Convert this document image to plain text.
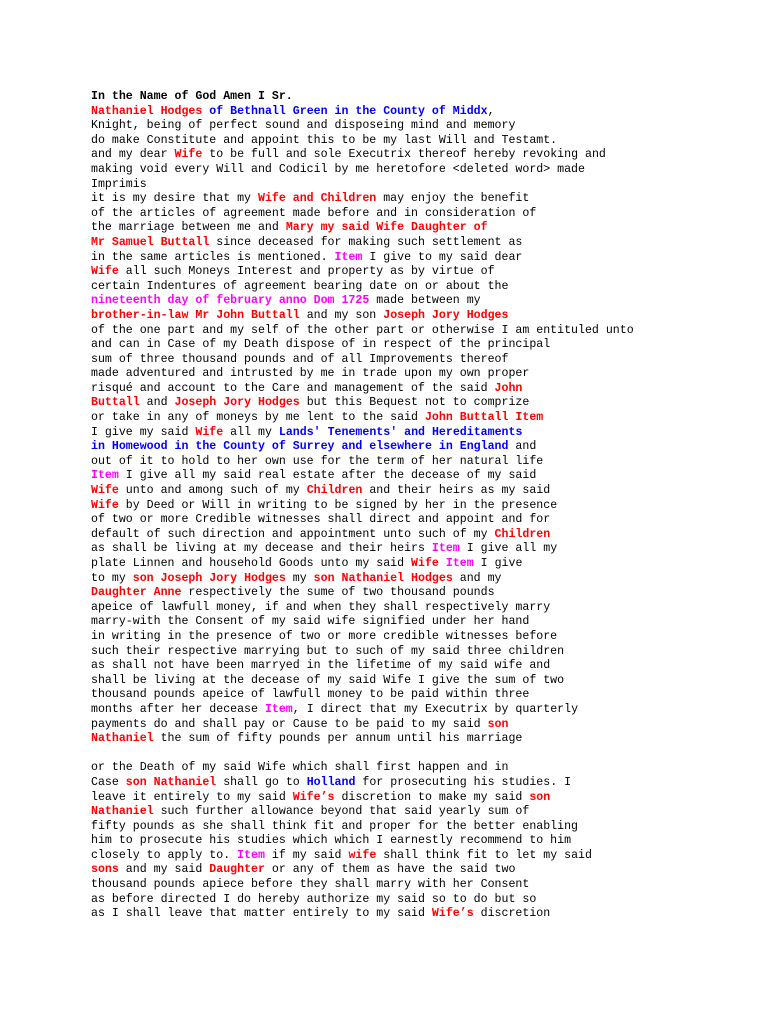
In the Name of God Amen I Sr.
Nathaniel Hodges of Bethnall Green in the County of Middx,
Knight, being of perfect sound and disposeing mind and memory
do make Constitute and appoint this to be my last Will and Testamt.
and my dear Wife to be full and sole Executrix thereof hereby revoking and
making void every Will and Codicil by me heretofore <deleted word> made
Imprimis
it is my desire that my Wife and Children may enjoy the benefit
of the articles of agreement made before and in consideration of
the marriage between me and Mary my said Wife Daughter of
Mr Samuel Buttall since deceased for making such settlement as
in the same articles is mentioned. Item I give to my said dear
Wife all such Moneys Interest and property as by virtue of
certain Indentures of agreement bearing date on or about the
nineteenth day of february anno Dom 1725 made between my
brother-in-law Mr John Buttall and my son Joseph Jory Hodges
of the one part and my self of the other part or otherwise I am entituled unto
and can in Case of my Death dispose of in respect of the principal
sum of three thousand pounds and of all Improvements thereof
made adventured and intrusted by me in trade upon my own proper
risqué and account to the Care and management of the said John
Buttall and Joseph Jory Hodges but this Bequest not to comprize
or take in any of moneys by me lent to the said John Buttall Item
I give my said Wife all my Lands' Tenements' and Hereditaments
in Homewood in the County of Surrey and elsewhere in England and
out of it to hold to her own use for the term of her natural life
Item I give all my said real estate after the decease of my said
Wife unto and among such of my Children and their heirs as my said
Wife by Deed or Will in writing to be signed by her in the presence
of two or more Credible witnesses shall direct and appoint and for
default of such direction and appointment unto such of my Children
as shall be living at my decease and their heirs Item I give all my
plate Linnen and household Goods unto my said Wife Item I give
to my son Joseph Jory Hodges my son Nathaniel Hodges and my
Daughter Anne respectively the sume of two thousand pounds
apeice of lawfull money, if and when they shall respectively marry
marry-with the Consent of my said wife signified under her hand
in writing in the presence of two or more credible witnesses before
such their respective marrying but to such of my said three children
as shall not have been marryed in the lifetime of my said wife and
shall be living at the decease of my said Wife I give the sum of two
thousand pounds apeice of lawfull money to be paid within three
months after her decease Item, I direct that my Executrix by quarterly
payments do and shall pay or Cause to be paid to my said son
Nathaniel the sum of fifty pounds per annum until his marriage
or the Death of my said Wife which shall first happen and in
Case son Nathaniel shall go to Holland for prosecuting his studies. I
leave it entirely to my said Wife’s discretion to make my said son
Nathaniel such further allowance beyond that said yearly sum of
fifty pounds as she shall think fit and proper for the better enabling
him to prosecute his studies which which I earnestly recommend to him
closely to apply to. Item if my said wife shall think fit to let my said
sons and my said Daughter or any of them as have the said two
thousand pounds apiece before they shall marry with her Consent
as before directed I do hereby authorize my said so to do but so
as I shall leave that matter entirely to my said Wife’s discretion
